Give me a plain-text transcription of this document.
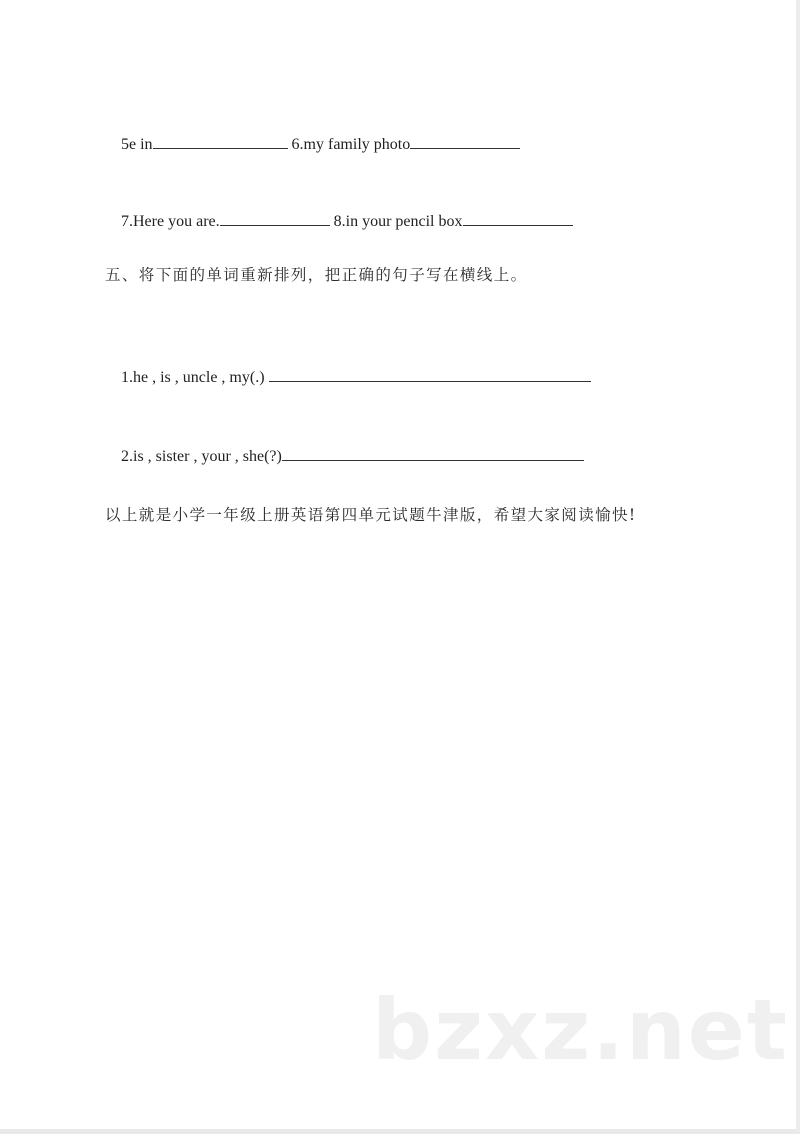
5e in	6.my family photo

7.Here you are.	8.in your pencil box

五、将下面的单词重新排列，把正确的句子写在横线上。

1.he , is , uncle , my(.)

2.is , sister , your , she(?)

以上就是小学一年级上册英语第四单元试题牛津版，希望大家阅读愉快!
bzxz.net
